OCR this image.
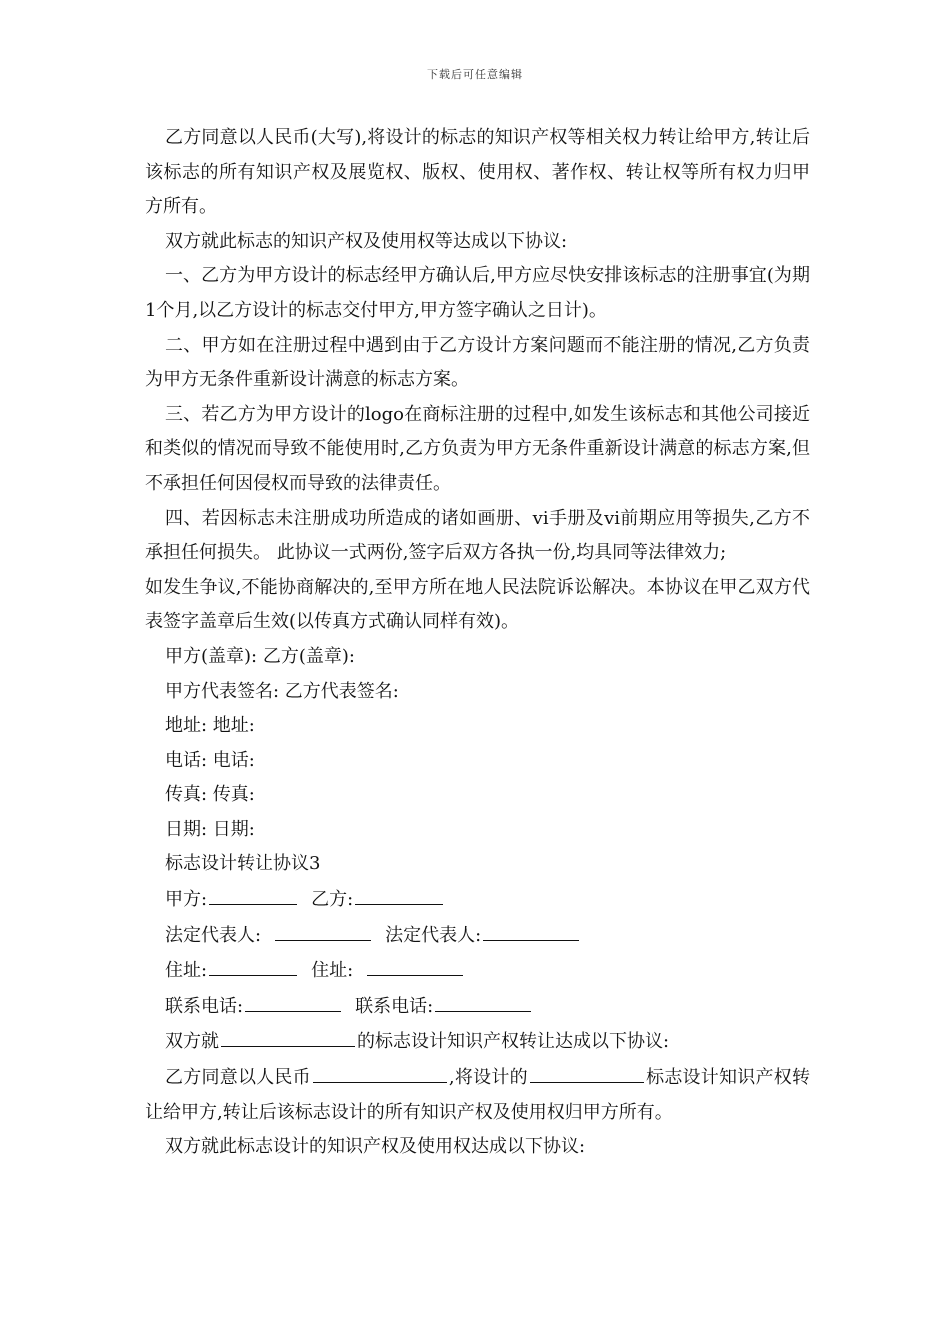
下载后可任意编辑

乙方同意以人民币(大写),将设计的标志的知识产权等相关权力转让给甲方,转让后该标志的所有知识产权及展览权、版权、使用权、著作权、转让权等所有权力归甲方所有。

双方就此标志的知识产权及使用权等达成以下协议:

一、乙方为甲方设计的标志经甲方确认后,甲方应尽快安排该标志的注册事宜(为期1个月,以乙方设计的标志交付甲方,甲方签字确认之日计)。

二、甲方如在注册过程中遇到由于乙方设计方案问题而不能注册的情况,乙方负责为甲方无条件重新设计满意的标志方案。

三、若乙方为甲方设计的logo在商标注册的过程中,如发生该标志和其他公司接近和类似的情况而导致不能使用时,乙方负责为甲方无条件重新设计满意的标志方案,但不承担任何因侵权而导致的法律责任。

四、若因标志未注册成功所造成的诸如画册、vi手册及vi前期应用等损失,乙方不承担任何损失。 此协议一式两份,签字后双方各执一份,均具同等法律效力;

如发生争议,不能协商解决的,至甲方所在地人民法院诉讼解决。本协议在甲乙双方代表签字盖章后生效(以传真方式确认同样有效)。

甲方(盖章): 乙方(盖章):

甲方代表签名: 乙方代表签名:

地址: 地址:

电话: 电话:

传真: 传真:

日期: 日期:

标志设计转让协议3

甲方:	乙方:

法定代表人:	法定代表人:

住址:	住址:

联系电话:	联系电话:

双方就	的标志设计知识产权转让达成以下协议:

乙方同意以人民币	,将设计的	标志设计知识产权转让给甲方,转让后该标志设计的所有知识产权及使用权归甲方所有。

双方就此标志设计的知识产权及使用权达成以下协议:
